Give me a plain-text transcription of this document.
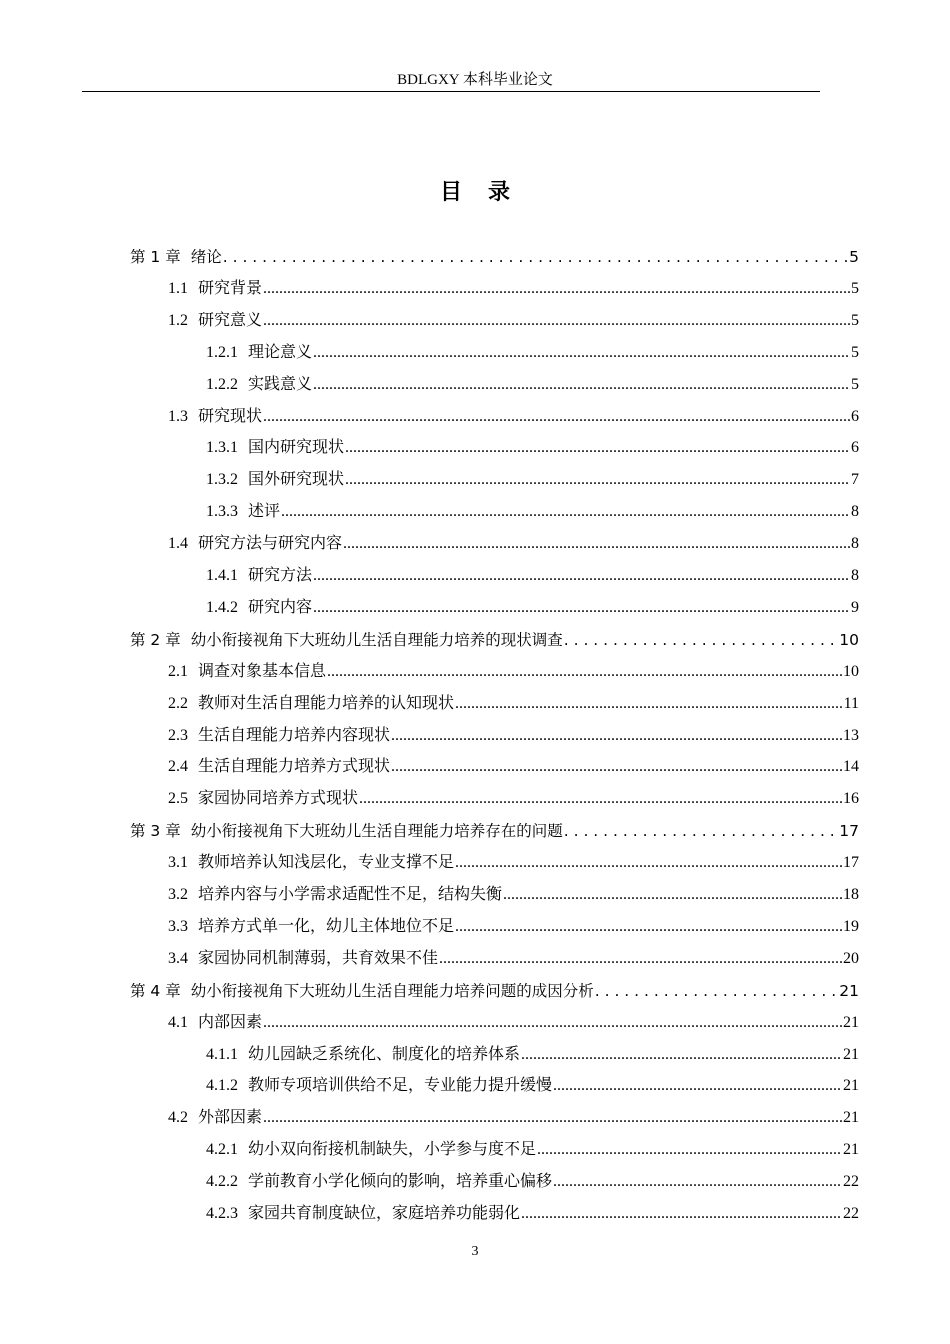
BDLGXY 本科毕业论文
目录
第 1 章 绪论 . . .	5
1.1 研究背景 .....	5
1.2 研究意义 .....	5
1.2.1 理论意义 .....	5
1.2.2 实践意义 .....	5
1.3 研究现状 .....	6
1.3.1 国内研究现状 .....	6
1.3.2 国外研究现状 .....	7
1.3.3 述评 .....	8
1.4 研究方法与研究内容 .....	8
1.4.1 研究方法 .....	8
1.4.2 研究内容 .....	9
第 2 章 幼小衔接视角下大班幼儿生活自理能力培养的现状调查 . . .	10
2.1 调查对象基本信息 .....	10
2.2 教师对生活自理能力培养的认知现状 .....	11
2.3 生活自理能力培养内容现状 .....	13
2.4 生活自理能力培养方式现状 .....	14
2.5 家园协同培养方式现状 .....	16
第 3 章 幼小衔接视角下大班幼儿生活自理能力培养存在的问题 . . .	17
3.1 教师培养认知浅层化，专业支撑不足 .....	17
3.2 培养内容与小学需求适配性不足，结构失衡 .....	18
3.3 培养方式单一化，幼儿主体地位不足 .....	19
3.4 家园协同机制薄弱，共育效果不佳 .....	20
第 4 章 幼小衔接视角下大班幼儿生活自理能力培养问题的成因分析 . . .	21
4.1 内部因素 .....	21
4.1.1 幼儿园缺乏系统化、制度化的培养体系 .....	21
4.1.2 教师专项培训供给不足，专业能力提升缓慢 .....	21
4.2 外部因素 .....	21
4.2.1 幼小双向衔接机制缺失，小学参与度不足 .....	21
4.2.2 学前教育小学化倾向的影响，培养重心偏移 .....	22
4.2.3 家园共育制度缺位，家庭培养功能弱化 .....	22
3
